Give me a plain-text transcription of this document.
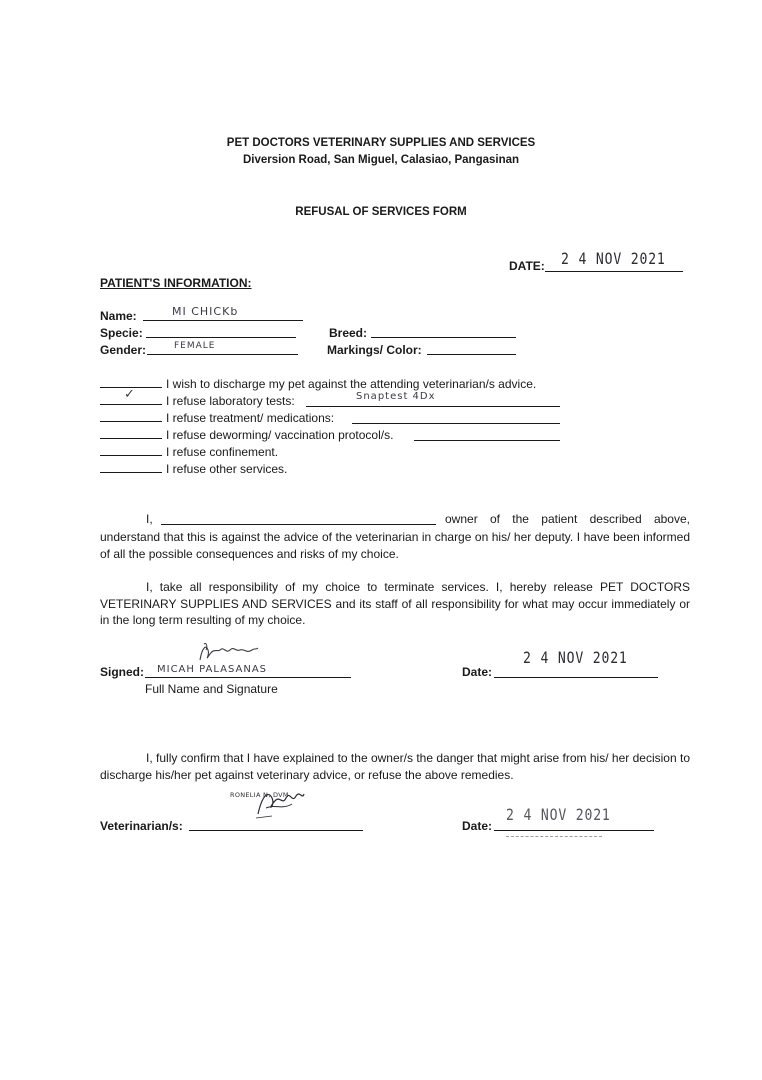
PET DOCTORS VETERINARY SUPPLIES AND SERVICES
Diversion Road, San Miguel, Calasiao, Pangasinan
REFUSAL OF SERVICES FORM
DATE: 2 4 NOV 2021
PATIENT'S INFORMATION:
Name:	MI CHICKb
Specie:	Breed:
Gender:	FEMALE	Markings/ Color:
I wish to discharge my pet against the attending veterinarian/s advice.
✓	I refuse laboratory tests:
I refuse treatment/ medications:
I refuse deworming/ vaccination protocol/s.
I refuse confinement.
I refuse other services.
Snaptest 4Dx
I,	owner of the patient described above,
understand that this is against the advice of the veterinarian in charge on his/ her deputy. I have been informed of all the possible consequences and risks of my choice.
I, take all responsibility of my choice to terminate services. I, hereby release PET DOCTORS VETERINARY SUPPLIES AND SERVICES and its staff of all responsibility for what may occur immediately or in the long term resulting of my choice.
Signed: MICAH PALASANAS
Full Name and Signature
Date:
2 4 NOV 2021
I, fully confirm that I have explained to the owner/s the danger that might arise from his/ her decision to discharge his/her pet against veterinary advice, or refuse the above remedies.
Veterinarian/s:
RONELIA N, DVM
Date:
2 4 NOV 2021
